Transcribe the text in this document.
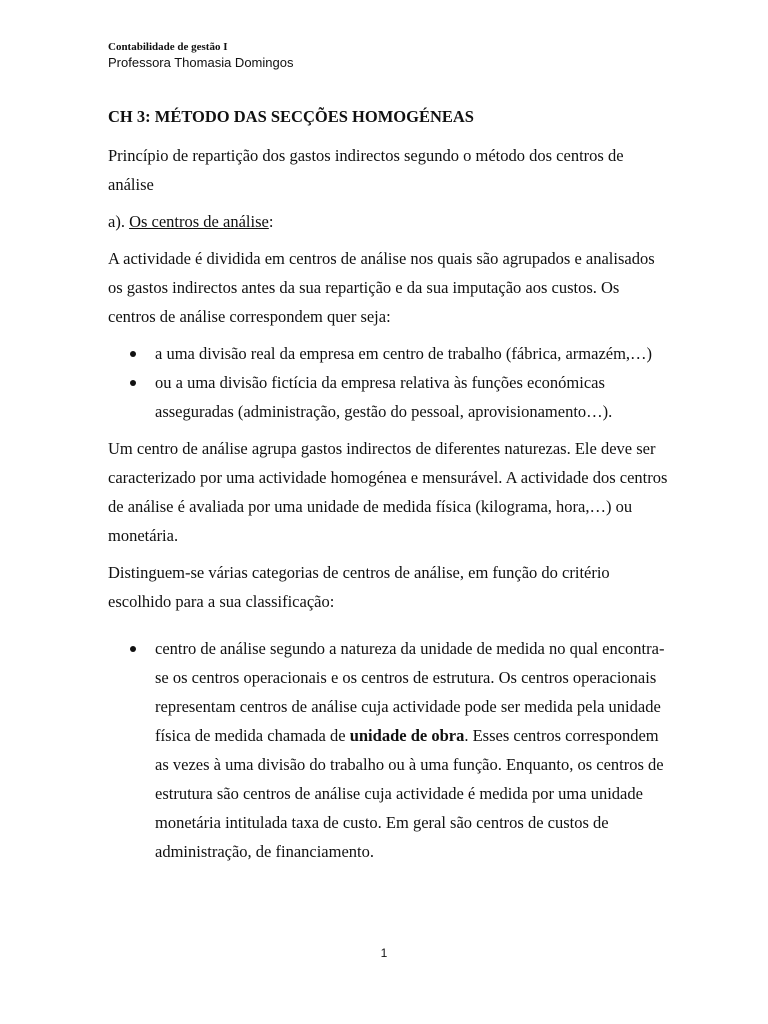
Contabilidade de gestão I
Professora Thomasia Domingos

CH 3: MÉTODO DAS SECÇÕES HOMOGÉNEAS

Princípio de repartição dos gastos indirectos segundo o método dos centros de análise

a). Os centros de análise:

A actividade é dividida em centros de análise nos quais são agrupados e analisados os gastos indirectos antes da sua repartição e da sua imputação aos custos. Os centros de análise correspondem quer seja:

a uma divisão real da empresa em centro de trabalho (fábrica, armazém,…)
ou a uma divisão fictícia da empresa relativa às funções económicas asseguradas (administração, gestão do pessoal, aprovisionamento…).

Um centro de análise agrupa gastos indirectos de diferentes naturezas. Ele deve ser caracterizado por uma actividade homogénea e mensurável. A actividade dos centros de análise é avaliada por uma unidade de medida física (kilograma, hora,…) ou monetária.

Distinguem-se várias categorias de centros de análise, em função do critério escolhido para a sua classificação:

centro de análise segundo a natureza da unidade de medida no qual encontra-se os centros operacionais e os centros de estrutura. Os centros operacionais representam centros de análise cuja actividade pode ser medida pela unidade física de medida chamada de unidade de obra. Esses centros correspondem as vezes à uma divisão do trabalho ou à uma função. Enquanto, os centros de estrutura são centros de análise cuja actividade é medida por uma unidade monetária intitulada taxa de custo. Em geral são centros de custos de administração, de financiamento.
1
